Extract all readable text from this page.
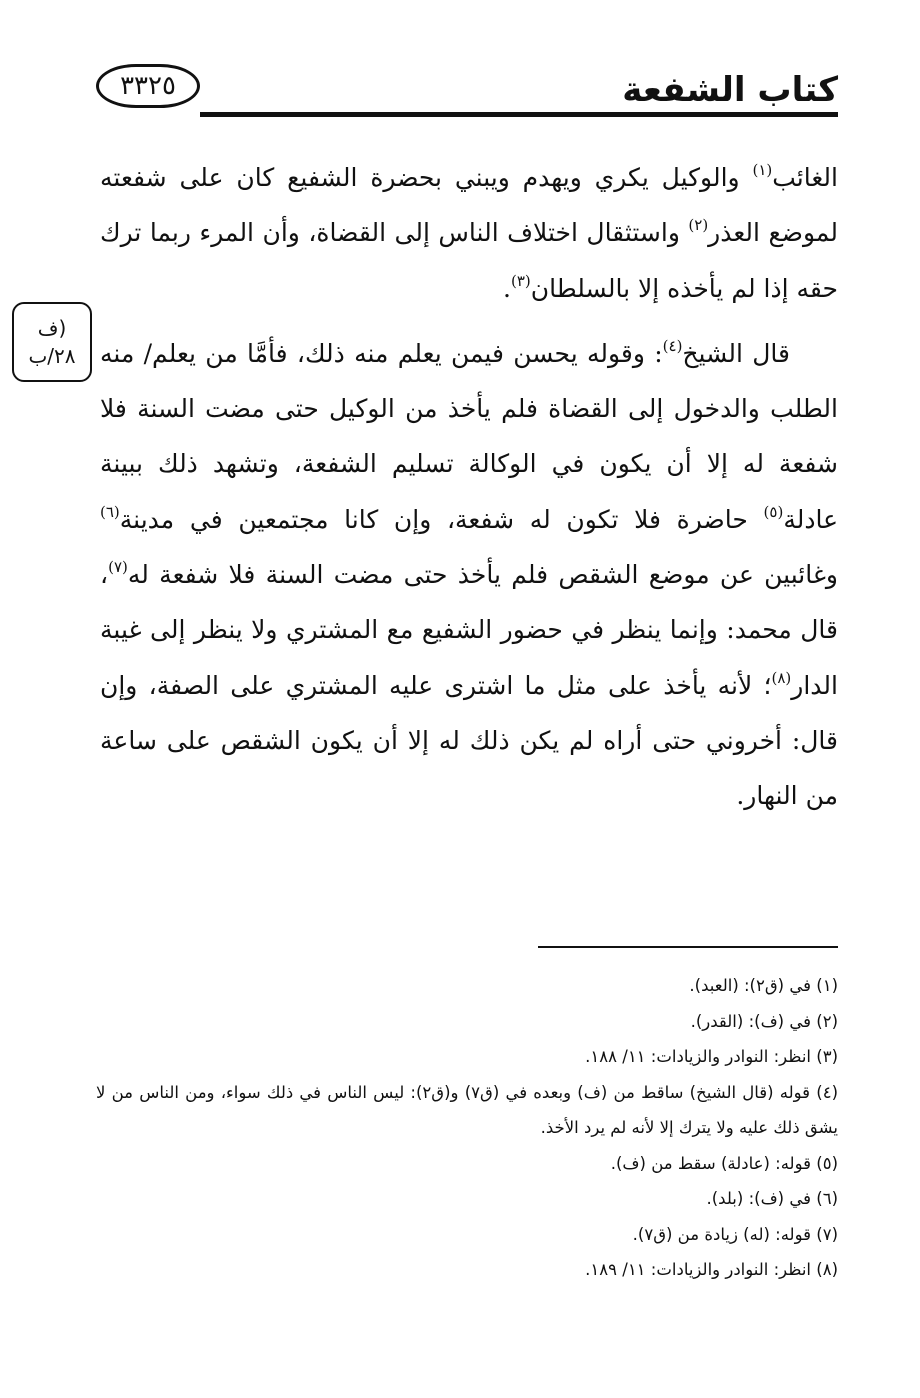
كتاب الشفعة
٣٣٢٥
(ف
٢٨/ب

الغائب$^{(١)}$ والوكيل يكري ويهدم ويبني بحضرة الشفيع كان على شفعته لموضع العذر$^{(٢)}$ واستثقال اختلاف الناس إلى القضاة، وأن المرء ربما ترك حقه إذا لم يأخذه إلا بالسلطان$^{(٣)}$.

قال الشيخ$^{(٤)}$: وقوله يحسن فيمن يعلم منه ذلك، فأمَّا من يعلم/ منه الطلب والدخول إلى القضاة فلم يأخذ من الوكيل حتى مضت السنة فلا شفعة له إلا أن يكون في الوكالة تسليم الشفعة، وتشهد ذلك ببينة عادلة$^{(٥)}$ حاضرة فلا تكون له شفعة، وإن كانا مجتمعين في مدينة$^{(٦)}$ وغائبين عن موضع الشقص فلم يأخذ حتى مضت السنة فلا شفعة له$^{(٧)}$، قال محمد: وإنما ينظر في حضور الشفيع مع المشتري ولا ينظر إلى غيبة الدار$^{(٨)}$؛ لأنه يأخذ على مثل ما اشترى عليه المشتري على الصفة، وإن قال: أخروني حتى أراه لم يكن ذلك له إلا أن يكون الشقص على ساعة من النهار.

(١) في (ق٢): (العبد).
(٢) في (ف): (القدر).
(٣) انظر: النوادر والزيادات: ١١/ ١٨٨.
(٤) قوله (قال الشيخ) ساقط من (ف) وبعده في (ق٧) و(ق٢): ليس الناس في ذلك سواء، ومن الناس من لا يشق ذلك عليه ولا يترك إلا لأنه لم يرد الأخذ.
(٥) قوله: (عادلة) سقط من (ف).
(٦) في (ف): (بلد).
(٧) قوله: (له) زيادة من (ق٧).
(٨) انظر: النوادر والزيادات: ١١/ ١٨٩.
